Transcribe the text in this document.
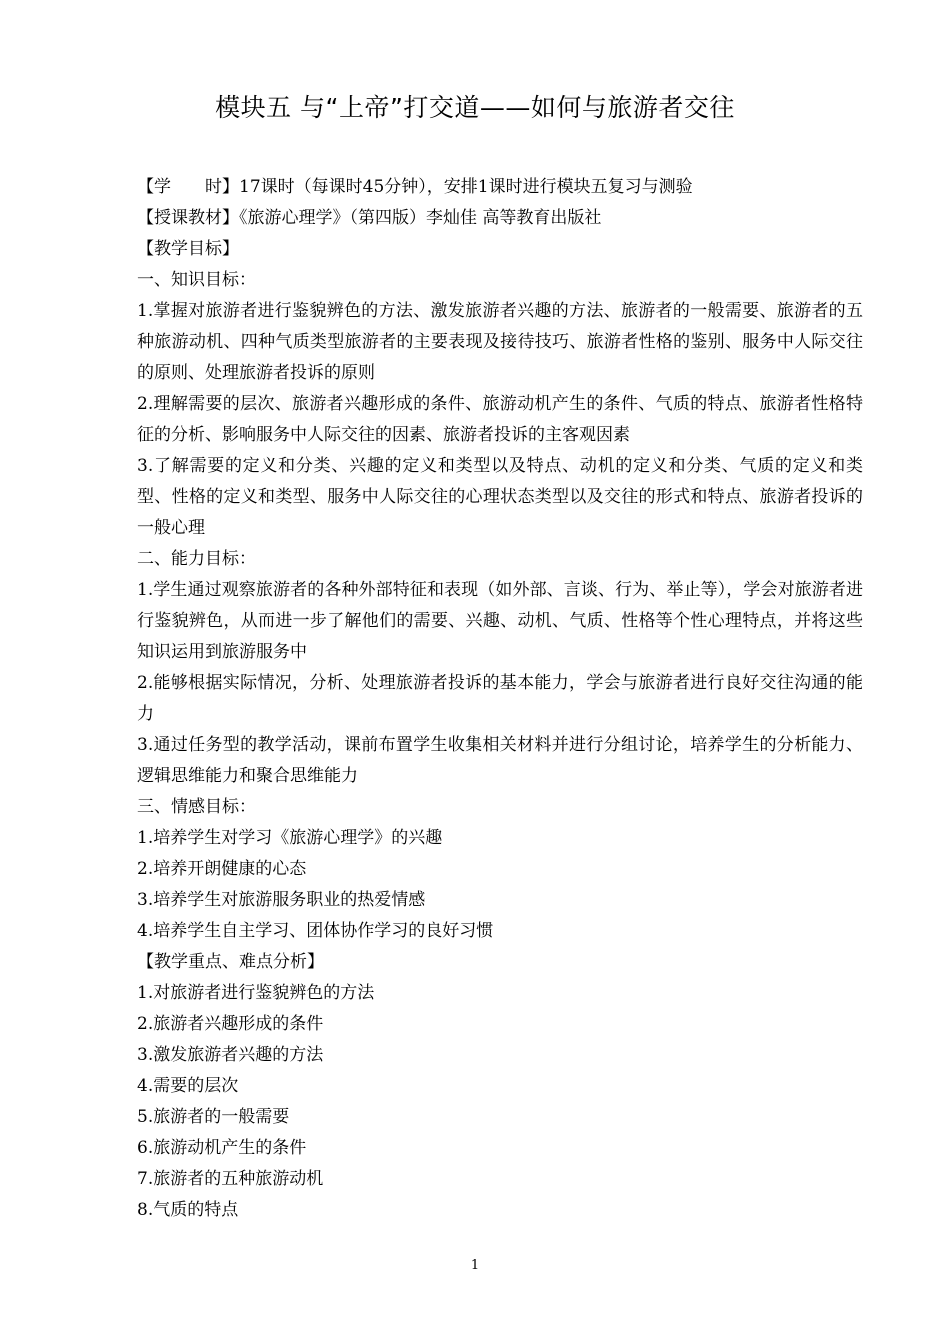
模块五 与“上帝”打交道——如何与旅游者交往
【学　　时】17课时（每课时45分钟），安排1课时进行模块五复习与测验
【授课教材】《旅游心理学》（第四版）李灿佳 高等教育出版社
【教学目标】
一、知识目标：
1.掌握对旅游者进行鉴貌辨色的方法、激发旅游者兴趣的方法、旅游者的一般需要、旅游者的五种旅游动机、四种气质类型旅游者的主要表现及接待技巧、旅游者性格的鉴别、服务中人际交往的原则、处理旅游者投诉的原则
2.理解需要的层次、旅游者兴趣形成的条件、旅游动机产生的条件、气质的特点、旅游者性格特征的分析、影响服务中人际交往的因素、旅游者投诉的主客观因素
3.了解需要的定义和分类、兴趣的定义和类型以及特点、动机的定义和分类、气质的定义和类型、性格的定义和类型、服务中人际交往的心理状态类型以及交往的形式和特点、旅游者投诉的一般心理
二、能力目标：
1.学生通过观察旅游者的各种外部特征和表现（如外部、言谈、行为、举止等），学会对旅游者进行鉴貌辨色，从而进一步了解他们的需要、兴趣、动机、气质、性格等个性心理特点，并将这些知识运用到旅游服务中
2.能够根据实际情况，分析、处理旅游者投诉的基本能力，学会与旅游者进行良好交往沟通的能力
3.通过任务型的教学活动，课前布置学生收集相关材料并进行分组讨论，培养学生的分析能力、逻辑思维能力和聚合思维能力
三、情感目标：
1.培养学生对学习《旅游心理学》的兴趣
2.培养开朗健康的心态
3.培养学生对旅游服务职业的热爱情感
4.培养学生自主学习、团体协作学习的良好习惯
【教学重点、难点分析】
1.对旅游者进行鉴貌辨色的方法
2.旅游者兴趣形成的条件
3.激发旅游者兴趣的方法
4.需要的层次
5.旅游者的一般需要
6.旅游动机产生的条件
7.旅游者的五种旅游动机
8.气质的特点
1
